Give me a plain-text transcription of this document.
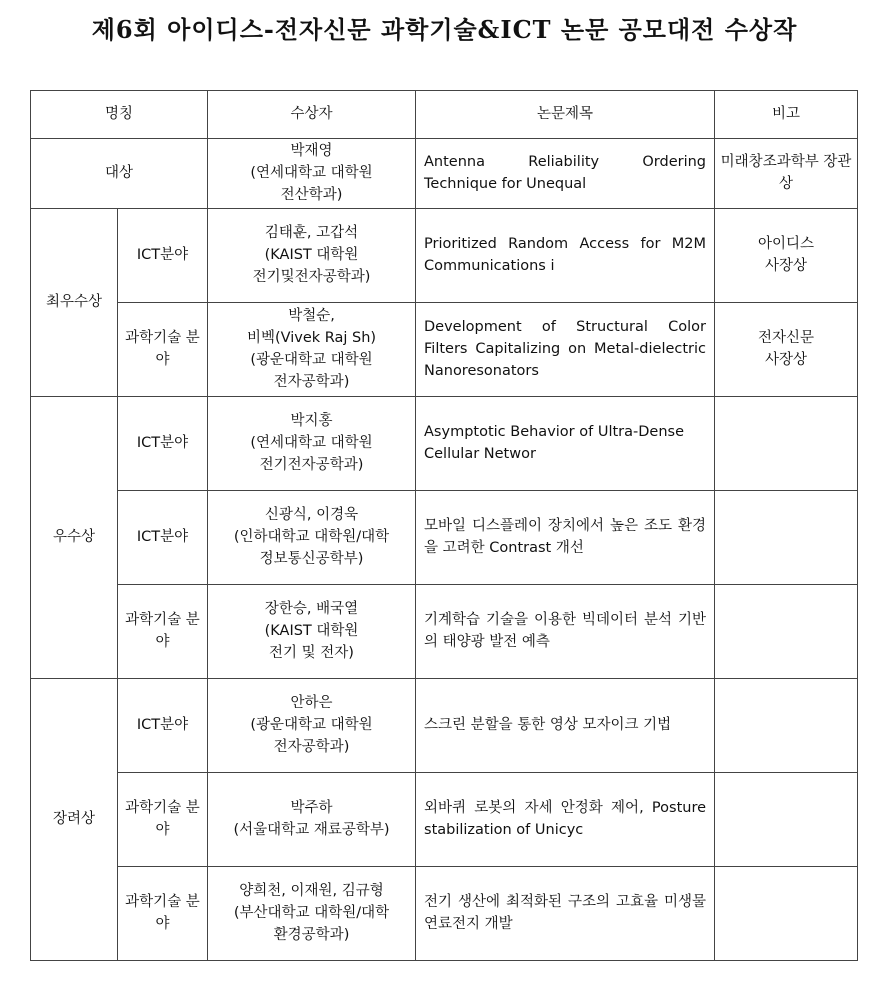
제6회 아이디스-전자신문 과학기술&ICT 논문 공모대전 수상작
명칭		수상자	논문제목	비고
대상		박재영
(연세대학교 대학원
전산학과)	Antenna Reliability Ordering Technique for Unequal	미래창조과학부 장관상
최우수상	ICT분야	김태훈, 고갑석
(KAIST 대학원
전기및전자공학과)	Prioritized Random Access for M2M Communications i	아이디스
사장상

	과학기술 분야	박철순,
비벡(Vivek Raj Sh)
(광운대학교 대학원
전자공학과)	Development of Structural Color Filters Capitalizing on Metal-dielectric Nanoresonators	전자신문
사장상

우수상	ICT분야	박지홍
(연세대학교 대학원
전기전자공학과)	Asymptotic Behavior of Ultra-Dense Cellular Networ	
	ICT분야	신광식, 이경욱
(인하대학교 대학원/대학
정보통신공학부)	모바일 디스플레이 장치에서 높은 조도 환경을 고려한 Contrast 개선	
	과학기술 분야	장한승, 배국열
(KAIST 대학원
전기 및 전자)	기계학습 기술을 이용한 빅데이터 분석 기반의 태양광 발전 예측	
장려상	ICT분야	안하은
(광운대학교 대학원
전자공학과)	스크린 분할을 통한 영상 모자이크 기법	
	과학기술 분야	박주하
(서울대학교 재료공학부)	외바퀴 로봇의 자세 안정화 제어, Posture stabilization of Unicyc	
	과학기술 분야	양희천, 이재원, 김규형
(부산대학교 대학원/대학
환경공학과)	전기 생산에 최적화된 구조의 고효율 미생물연료전지 개발	
